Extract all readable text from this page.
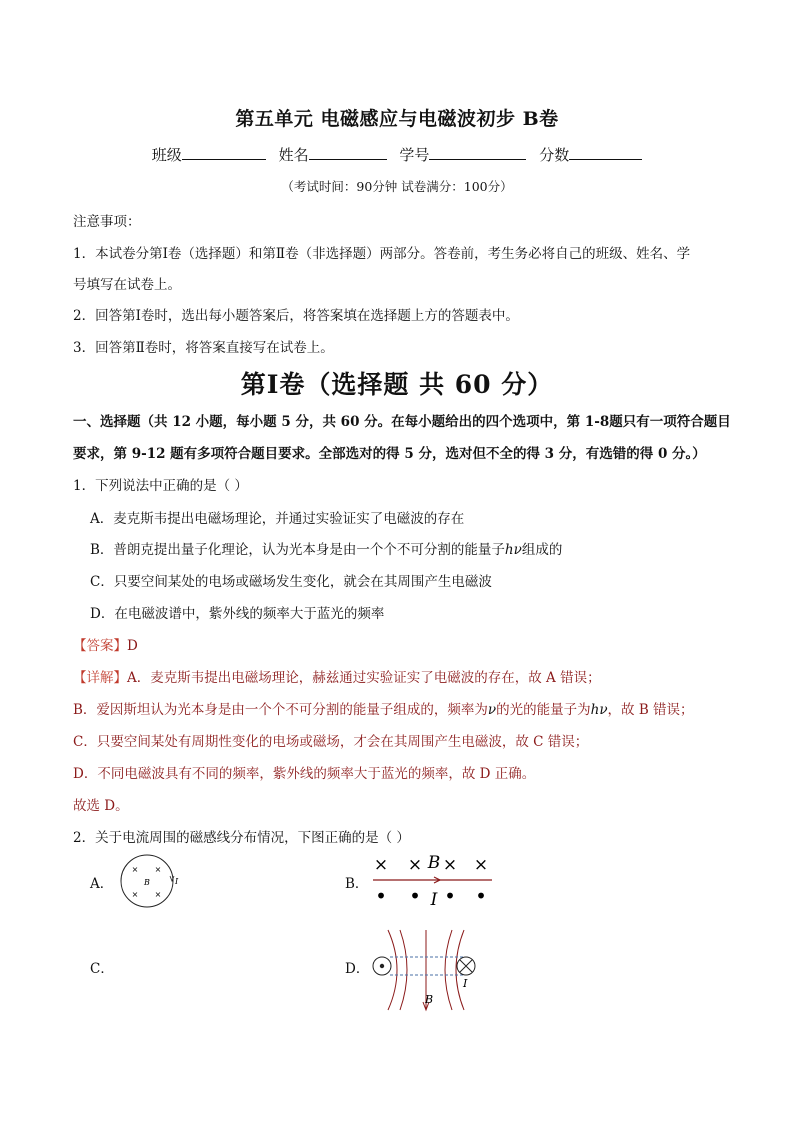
第五单元 电磁感应与电磁波初步 B卷
班级	姓名	学号	分数
（考试时间：90分钟 试卷满分：100分）
注意事项：
1．本试卷分第Ⅰ卷（选择题）和第Ⅱ卷（非选择题）两部分。答卷前，考生务必将自己的班级、姓名、学
号填写在试卷上。
2．回答第Ⅰ卷时，选出每小题答案后，将答案填在选择题上方的答题表中。
3．回答第Ⅱ卷时，将答案直接写在试卷上。
第Ⅰ卷（选择题 共 60 分）
一、选择题（共 12 小题，每小题 5 分，共 60 分。在每小题给出的四个选项中，第 1-8题只有一项符合题目
要求，第 9-12 题有多项符合题目要求。全部选对的得 5 分，选对但不全的得 3 分，有选错的得 0 分。）
1．下列说法中正确的是（ ）
A．麦克斯韦提出电磁场理论，并通过实验证实了电磁波的存在
B．普朗克提出量子化理论，认为光本身是由一个个不可分割的能量子hν组成的
C．只要空间某处的电场或磁场发生变化，就会在其周围产生电磁波
D．在电磁波谱中，紫外线的频率大于蓝光的频率
【答案】D
【详解】A．麦克斯韦提出电磁场理论，赫兹通过实验证实了电磁波的存在，故 A 错误；
B．爱因斯坦认为光本身是由一个个不可分割的能量子组成的，频率为ν的光的能量子为hν，故 B 错误；
C．只要空间某处有周期性变化的电场或磁场，才会在其周围产生电磁波，故 C 错误；
D．不同电磁波具有不同的频率，紫外线的频率大于蓝光的频率，故 D 正确。
故选 D。
2．关于电流周围的磁感线分布情况，下图正确的是（ ）
A．
× ×
× ×
B	I	B．
× × B × ×
• • I • •
C．	D．
I
B
